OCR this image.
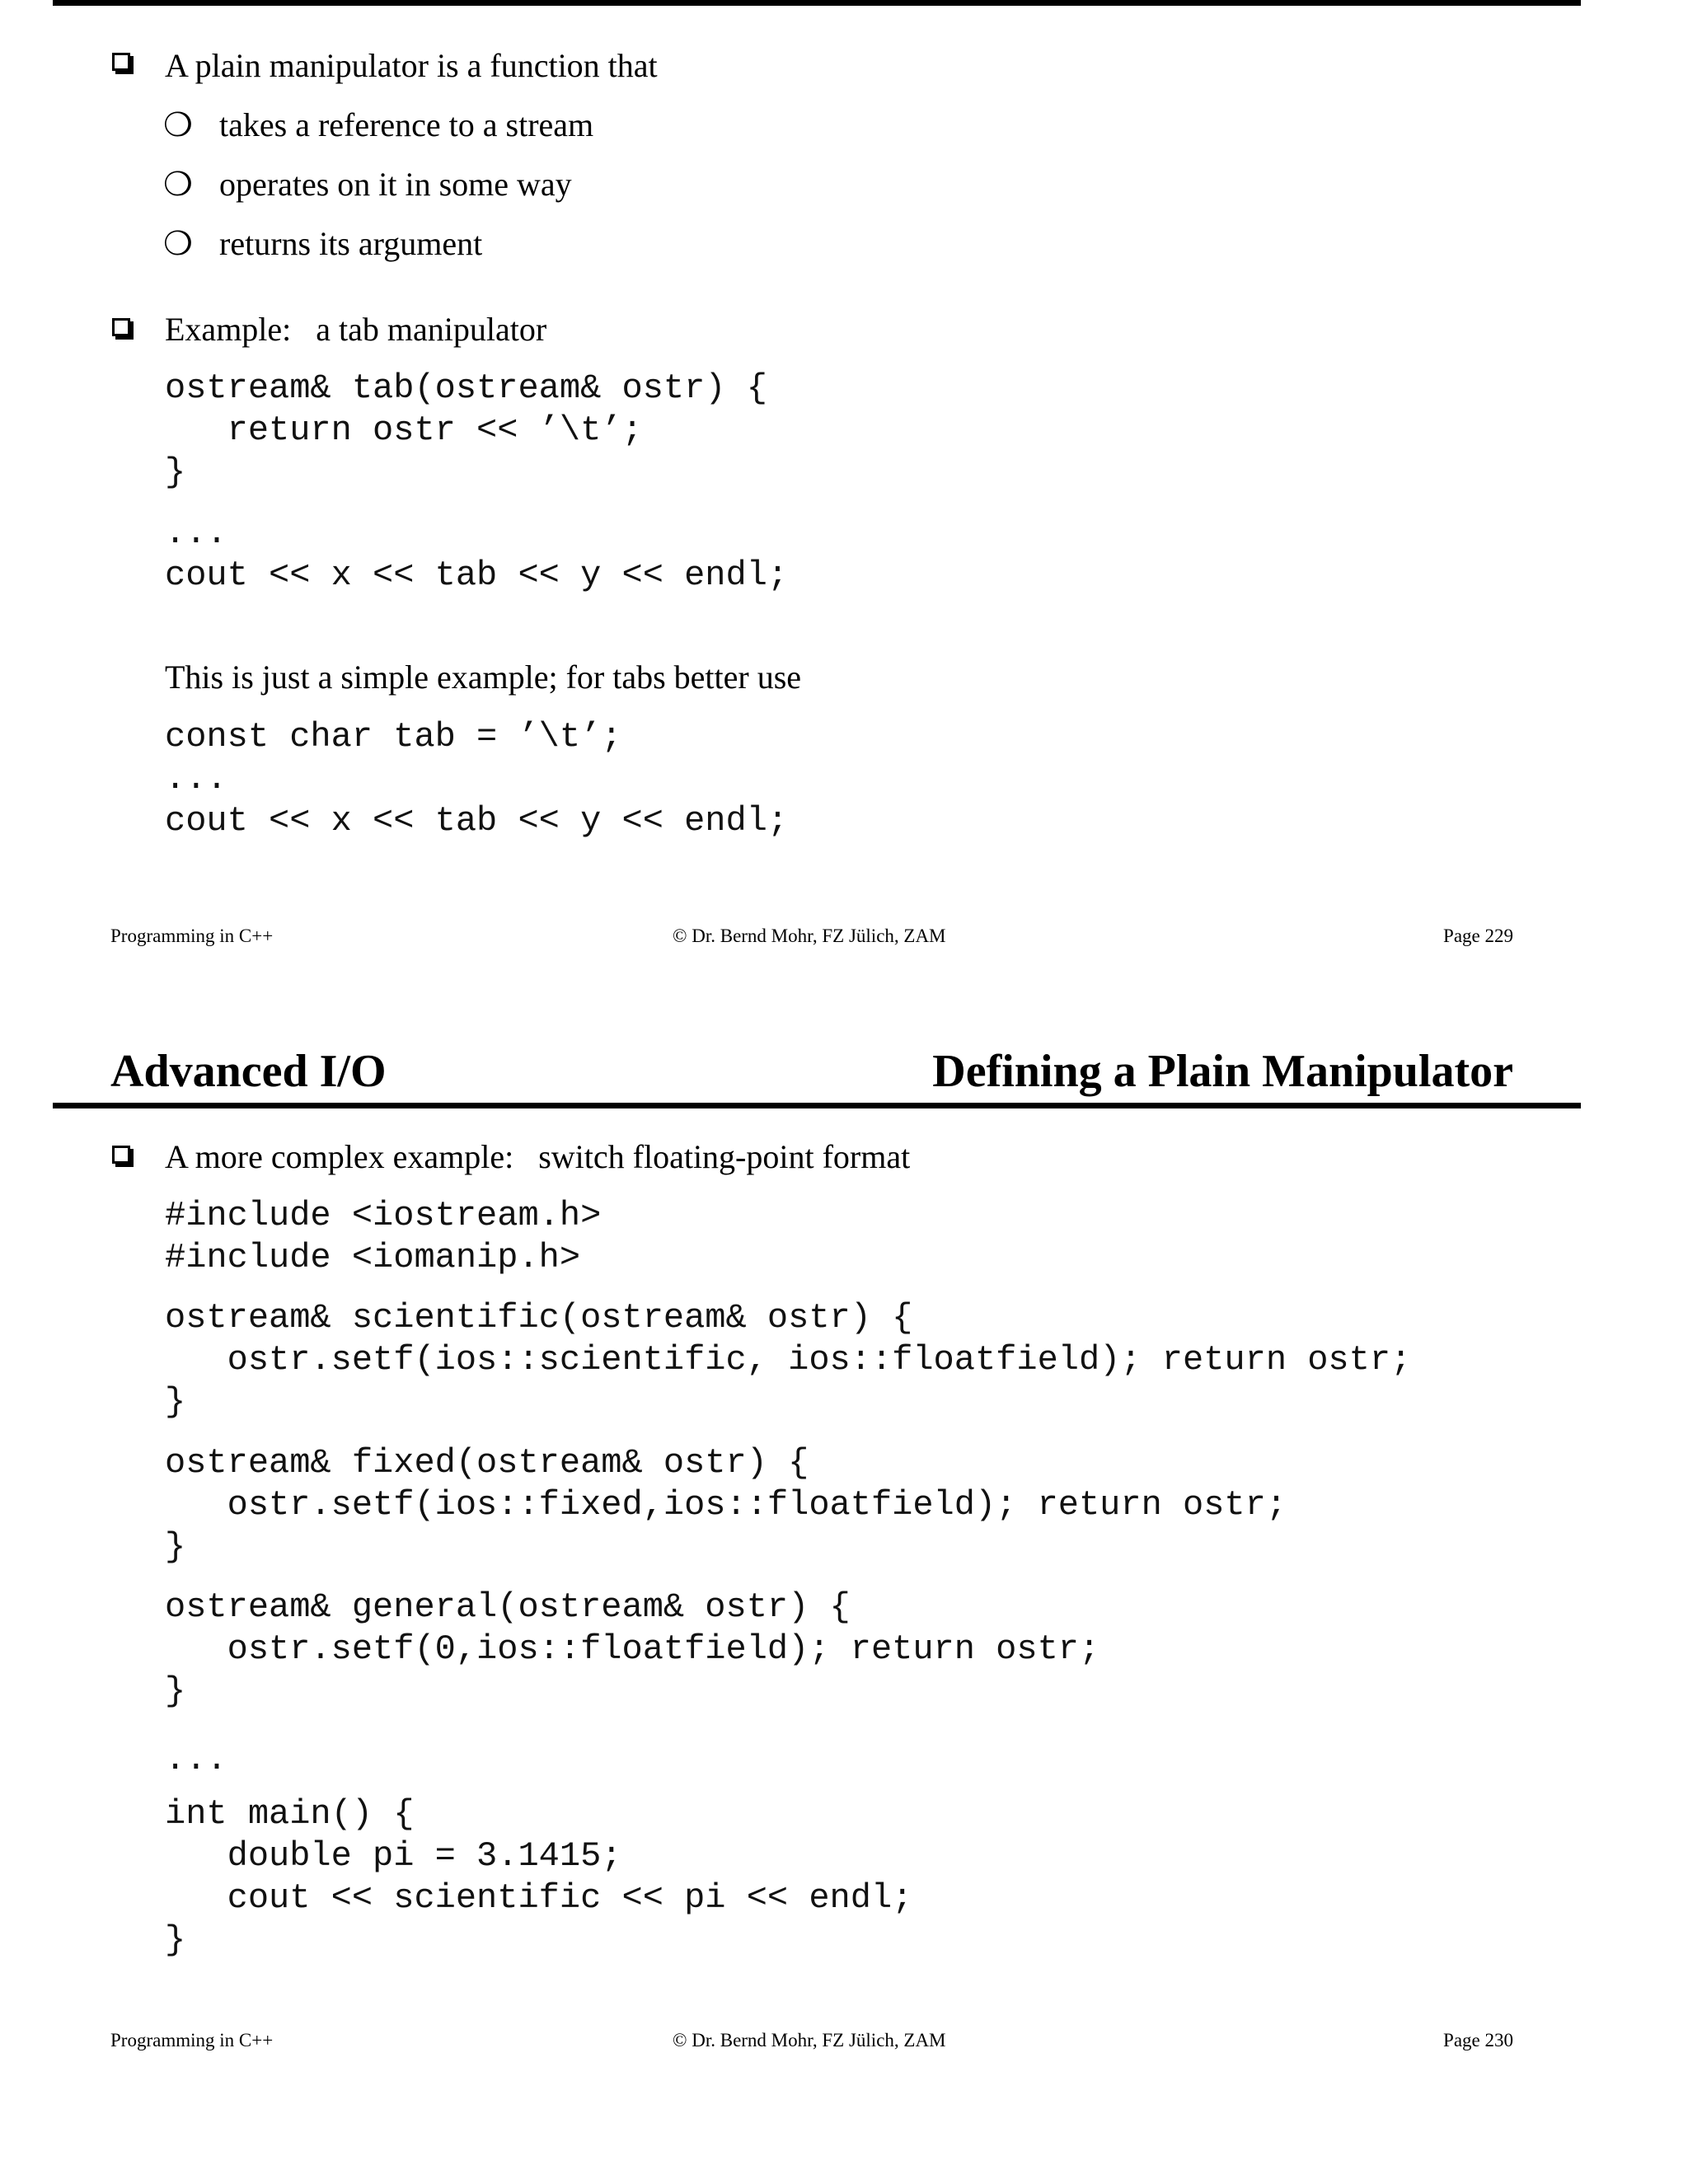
A plain manipulator is a function that
❍ takes a reference to a stream
❍ operates on it in some way
❍ returns its argument
Example:   a tab manipulator
ostream& tab(ostream& ostr) {
return ostr << ’\t’;
}
...
cout << x << tab << y << endl;
This is just a simple example; for tabs better use
const char tab = ’\t’;
...
cout << x << tab << y << endl;
Programming in C++	© Dr. Bernd Mohr, FZ Jülich, ZAM	Page 229
Advanced I/O	Defining a Plain Manipulator
A more complex example:   switch floating-point format
#include <iostream.h>
#include <iomanip.h>
ostream& scientific(ostream& ostr) {
ostr.setf(ios::scientific, ios::floatfield); return ostr;
}
ostream& fixed(ostream& ostr) {
ostr.setf(ios::fixed,ios::floatfield); return ostr;
}
ostream& general(ostream& ostr) {
ostr.setf(0,ios::floatfield); return ostr;
}
...
int main() {
double pi = 3.1415;
cout << scientific << pi << endl;
}
Programming in C++	© Dr. Bernd Mohr, FZ Jülich, ZAM	Page 230
